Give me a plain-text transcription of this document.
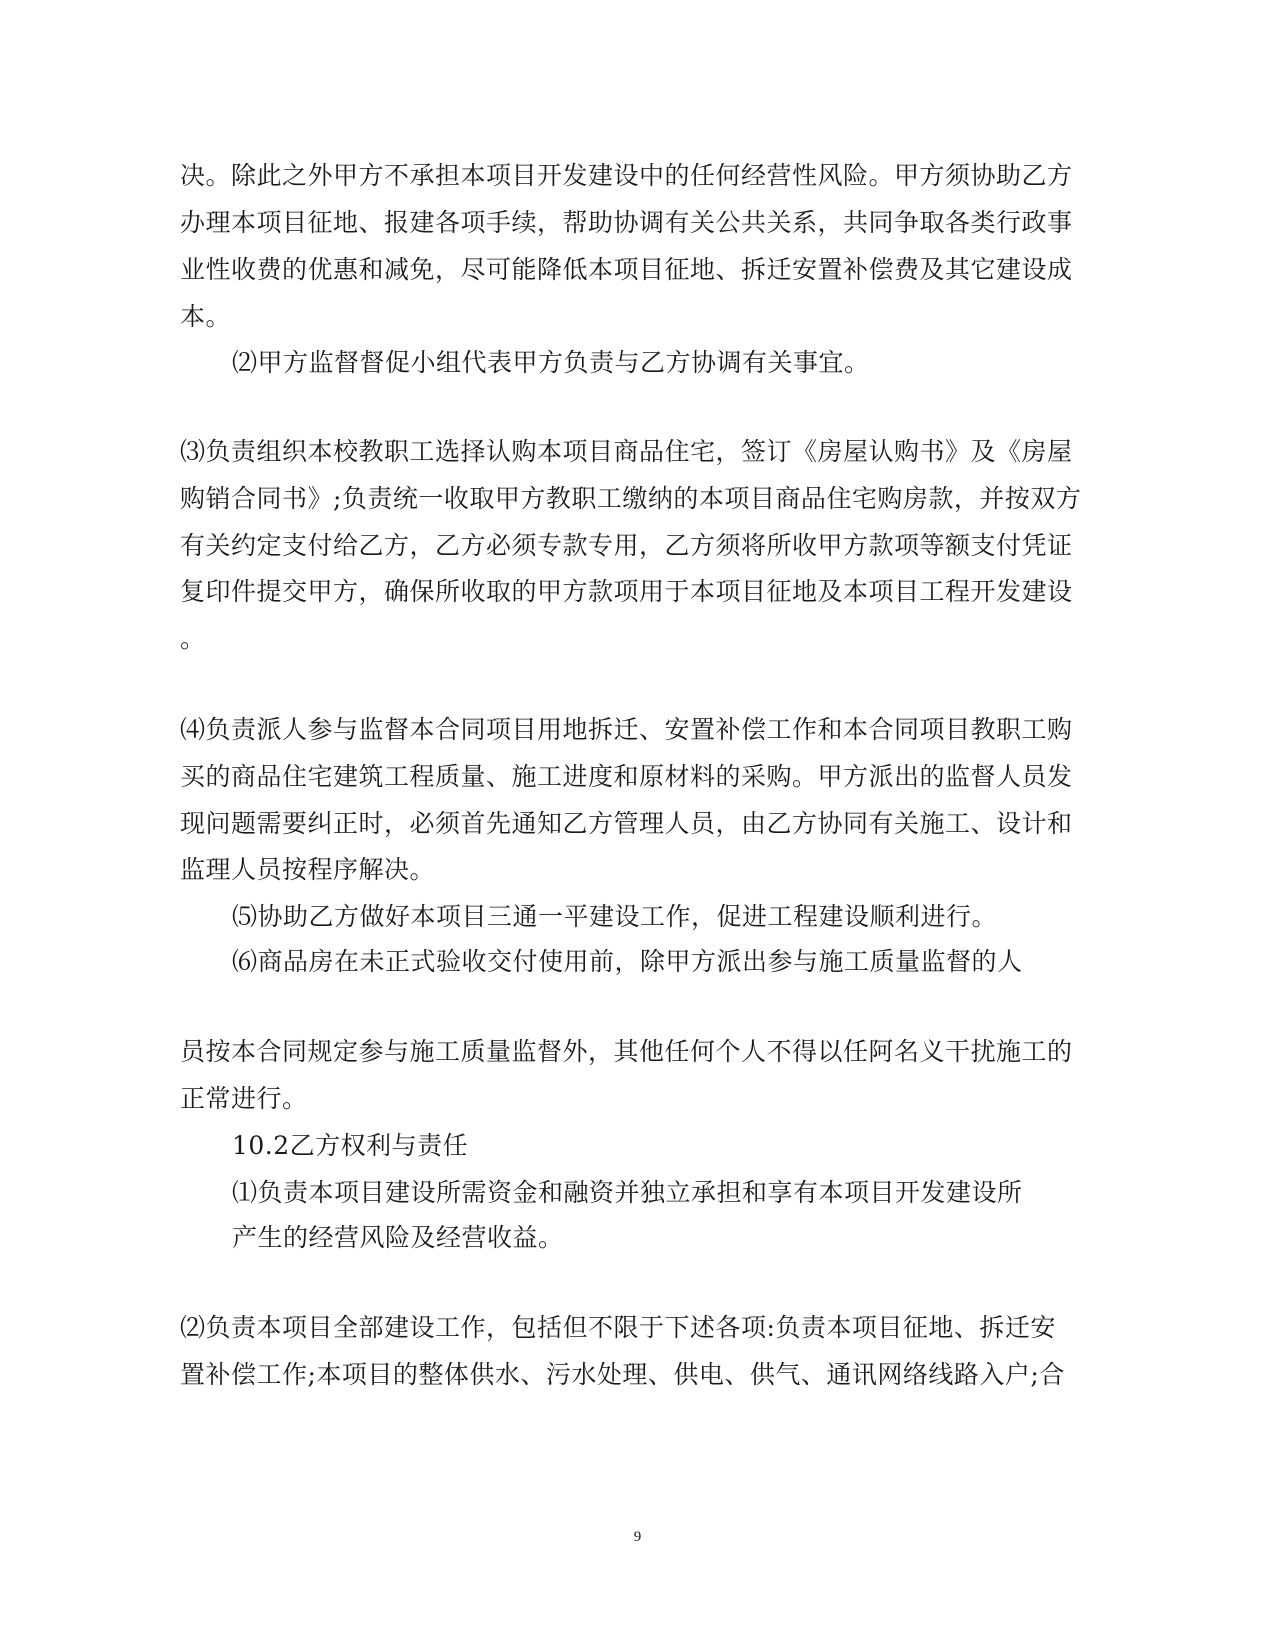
决。除此之外甲方不承担本项目开发建设中的任何经营性风险。甲方须协助乙方
办理本项目征地、报建各项手续，帮助协调有关公共关系，共同争取各类行政事
业性收费的优惠和减免，尽可能降低本项目征地、拆迁安置补偿费及其它建设成
本。
⑵甲方监督督促小组代表甲方负责与乙方协调有关事宜。
⑶负责组织本校教职工选择认购本项目商品住宅，签订《房屋认购书》及《房屋
购销合同书》;负责统一收取甲方教职工缴纳的本项目商品住宅购房款，并按双方
有关约定支付给乙方，乙方必须专款专用，乙方须将所收甲方款项等额支付凭证
复印件提交甲方，确保所收取的甲方款项用于本项目征地及本项目工程开发建设
。
⑷负责派人参与监督本合同项目用地拆迁、安置补偿工作和本合同项目教职工购
买的商品住宅建筑工程质量、施工进度和原材料的采购。甲方派出的监督人员发
现问题需要纠正时，必须首先通知乙方管理人员，由乙方协同有关施工、设计和
监理人员按程序解决。
⑸协助乙方做好本项目三通一平建设工作，促进工程建设顺利进行。
⑹商品房在未正式验收交付使用前，除甲方派出参与施工质量监督的人
员按本合同规定参与施工质量监督外，其他任何个人不得以任阿名义干扰施工的
正常进行。
10.2乙方权利与责任
⑴负责本项目建设所需资金和融资并独立承担和享有本项目开发建设所
产生的经营风险及经营收益。
⑵负责本项目全部建设工作，包括但不限于下述各项:负责本项目征地、拆迁安
置补偿工作;本项目的整体供水、污水处理、供电、供气、通讯网络线路入户;合
9
